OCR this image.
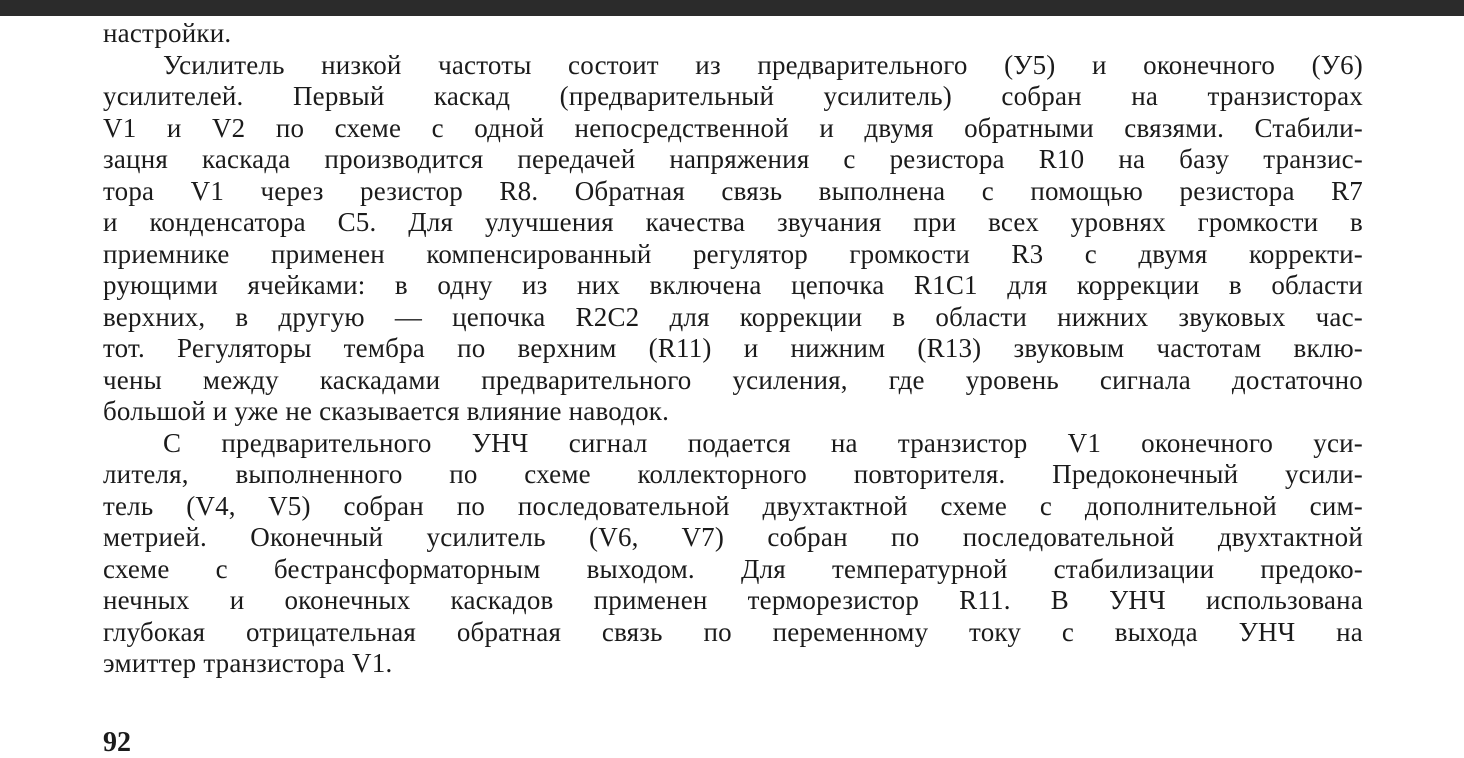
настройки.
Усилитель низкой частоты состоит из предварительного (У5) и оконечного (У6)
усилителей. Первый каскад (предварительный усилитель) собран на транзисторах
V1 и V2 по схеме с одной непосредственной и двумя обратными связями. Стабили-
зацня каскада производится передачей напряжения с резистора R10 на базу транзис-
тора V1 через резистор R8. Обратная связь выполнена с помощью резистора R7
и конденсатора C5. Для улучшения качества звучания при всех уровнях громкости в
приемнике применен компенсированный регулятор громкости R3 с двумя корректи-
рующими ячейками: в одну из них включена цепочка R1C1 для коррекции в области
верхних, в другую — цепочка R2C2 для коррекции в области нижних звуковых час-
тот. Регуляторы тембра по верхним (R11) и нижним (R13) звуковым частотам вклю-
чены между каскадами предварительного усиления, где уровень сигнала достаточно
большой и уже не сказывается влияние наводок.
С предварительного УНЧ сигнал подается на транзистор V1 оконечного уси-
лителя, выполненного по схеме коллекторного повторителя. Предоконечный усили-
тель (V4, V5) собран по последовательной двухтактной схеме с дополнительной сим-
метрией. Оконечный усилитель (V6, V7) собран по последовательной двухтактной
схеме с бестрансформаторным выходом. Для температурной стабилизации предоко-
нечных и оконечных каскадов применен терморезистор R11. В УНЧ использована
глубокая отрицательная обратная связь по переменному току с выхода УНЧ на
эмиттер транзистора V1.
92
